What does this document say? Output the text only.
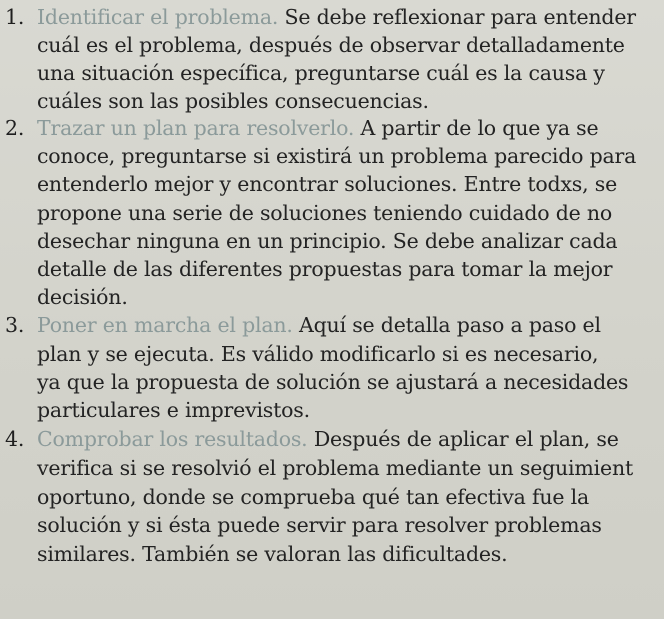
1. Identificar el problema. Se debe reflexionar para entender
cuál es el problema, después de observar detalladamente
una situación específica, preguntarse cuál es la causa y
cuáles son las posibles consecuencias.
2. Trazar un plan para resolverlo. A partir de lo que ya se
conoce, preguntarse si existirá un problema parecido para
entenderlo mejor y encontrar soluciones. Entre todxs, se
propone una serie de soluciones teniendo cuidado de no
desechar ninguna en un principio. Se debe analizar cada
detalle de las diferentes propuestas para tomar la mejor
decisión.
3. Poner en marcha el plan. Aquí se detalla paso a paso el
plan y se ejecuta. Es válido modificarlo si es necesario,
ya que la propuesta de solución se ajustará a necesidades
particulares e imprevistos.
4. Comprobar los resultados. Después de aplicar el plan, se
verifica si se resolvió el problema mediante un seguimient
oportuno, donde se comprueba qué tan efectiva fue la
solución y si ésta puede servir para resolver problemas
similares. También se valoran las dificultades.
